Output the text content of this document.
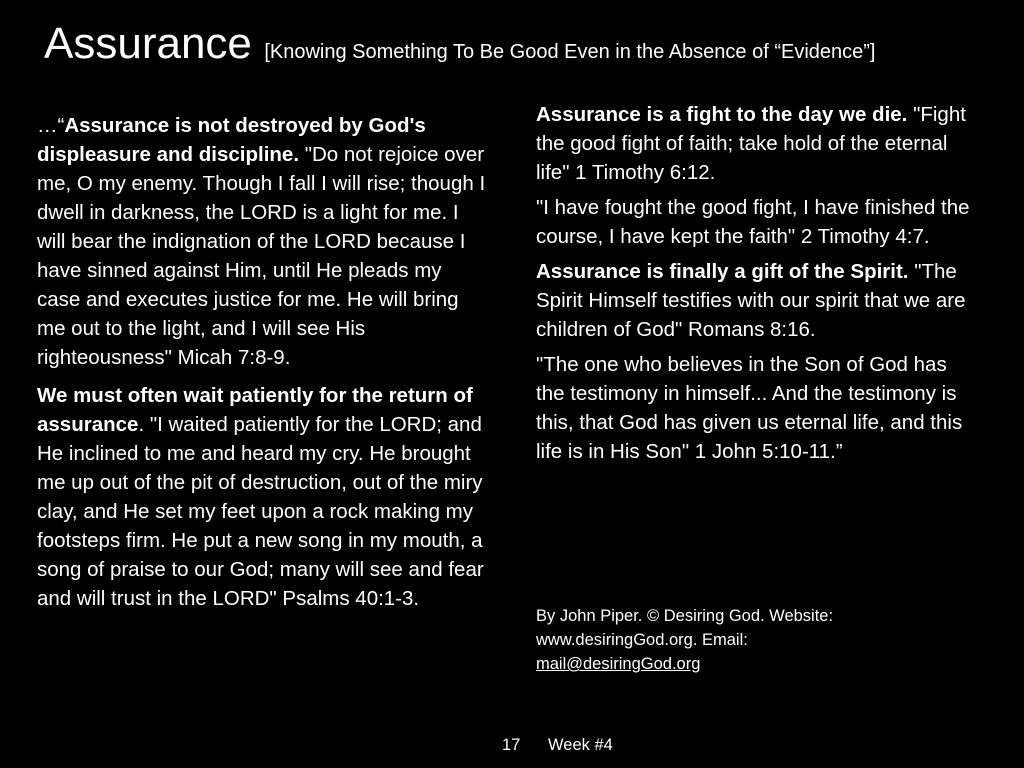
Assurance [Knowing Something To Be Good Even in the Absence of “Evidence”]

…“Assurance is not destroyed by God's displeasure and discipline. "Do not rejoice over me, O my enemy. Though I fall I will rise; though I dwell in darkness, the LORD is a light for me. I will bear the indignation of the LORD because I have sinned against Him, until He pleads my case and executes justice for me. He will bring me out to the light, and I will see His righteousness" Micah 7:8-9.

We must often wait patiently for the return of assurance. "I waited patiently for the LORD; and He inclined to me and heard my cry. He brought me up out of the pit of destruction, out of the miry clay, and He set my feet upon a rock making my footsteps firm. He put a new song in my mouth, a song of praise to our God; many will see and fear and will trust in the LORD" Psalms 40:1-3.

Assurance is a fight to the day we die. "Fight the good fight of faith; take hold of the eternal life" 1 Timothy 6:12.

"I have fought the good fight, I have finished the course, I have kept the faith" 2 Timothy 4:7.

Assurance is finally a gift of the Spirit. "The Spirit Himself testifies with our spirit that we are children of God" Romans 8:16.

"The one who believes in the Son of God has the testimony in himself... And the testimony is this, that God has given us eternal life, and this life is in His Son" 1 John 5:10-11.”

By John Piper. © Desiring God. Website: www.desiringGod.org. Email:
mail@desiringGod.org
17 Week #4
